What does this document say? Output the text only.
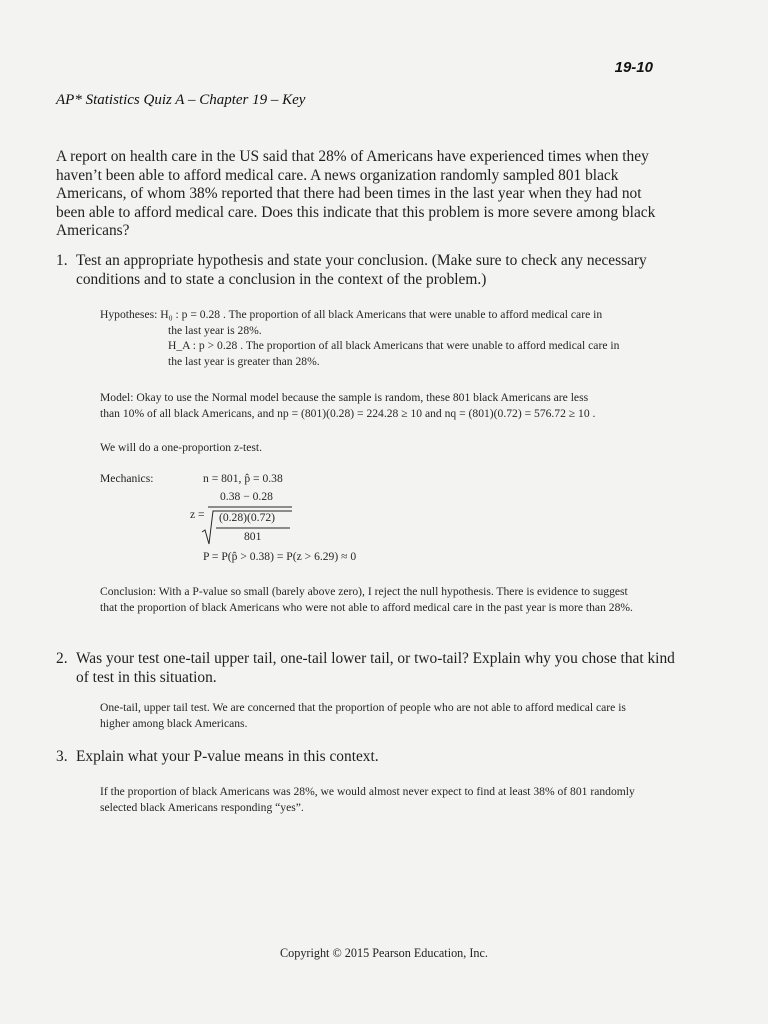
19-10
AP* Statistics Quiz A – Chapter 19 – Key
A report on health care in the US said that 28% of Americans have experienced times when they haven’t been able to afford medical care. A news organization randomly sampled 801 black Americans, of whom 38% reported that there had been times in the last year when they had not been able to afford medical care. Does this indicate that this problem is more severe among black Americans?
1. Test an appropriate hypothesis and state your conclusion. (Make sure to check any necessary conditions and to state a conclusion in the context of the problem.)
Hypotheses: H₀ : p = 0.28 . The proportion of all black Americans that were unable to afford medical care in
the last year is 28%.
H_A : p > 0.28 . The proportion of all black Americans that were unable to afford medical care in
the last year is greater than 28%.
Model: Okay to use the Normal model because the sample is random, these 801 black Americans are less
than 10% of all black Americans, and np = (801)(0.28) = 224.28 ≥ 10 and nq = (801)(0.72) = 576.72 ≥ 10 .
We will do a one-proportion z-test.
Mechanics:	n = 801, p̂ = 0.38
z =
0.38 − 0.28
(0.28)(0.72)
801
P = P(p̂ > 0.38) = P(z > 6.29) ≈ 0
Conclusion: With a P-value so small (barely above zero), I reject the null hypothesis. There is evidence to suggest that the proportion of black Americans who were not able to afford medical care in the past year is more than 28%.
2. Was your test one-tail upper tail, one-tail lower tail, or two-tail? Explain why you chose that kind of test in this situation.
One-tail, upper tail test. We are concerned that the proportion of people who are not able to afford medical care is higher among black Americans.
3. Explain what your P-value means in this context.
If the proportion of black Americans was 28%, we would almost never expect to find at least 38% of 801 randomly selected black Americans responding “yes”.
Copyright © 2015 Pearson Education, Inc.
